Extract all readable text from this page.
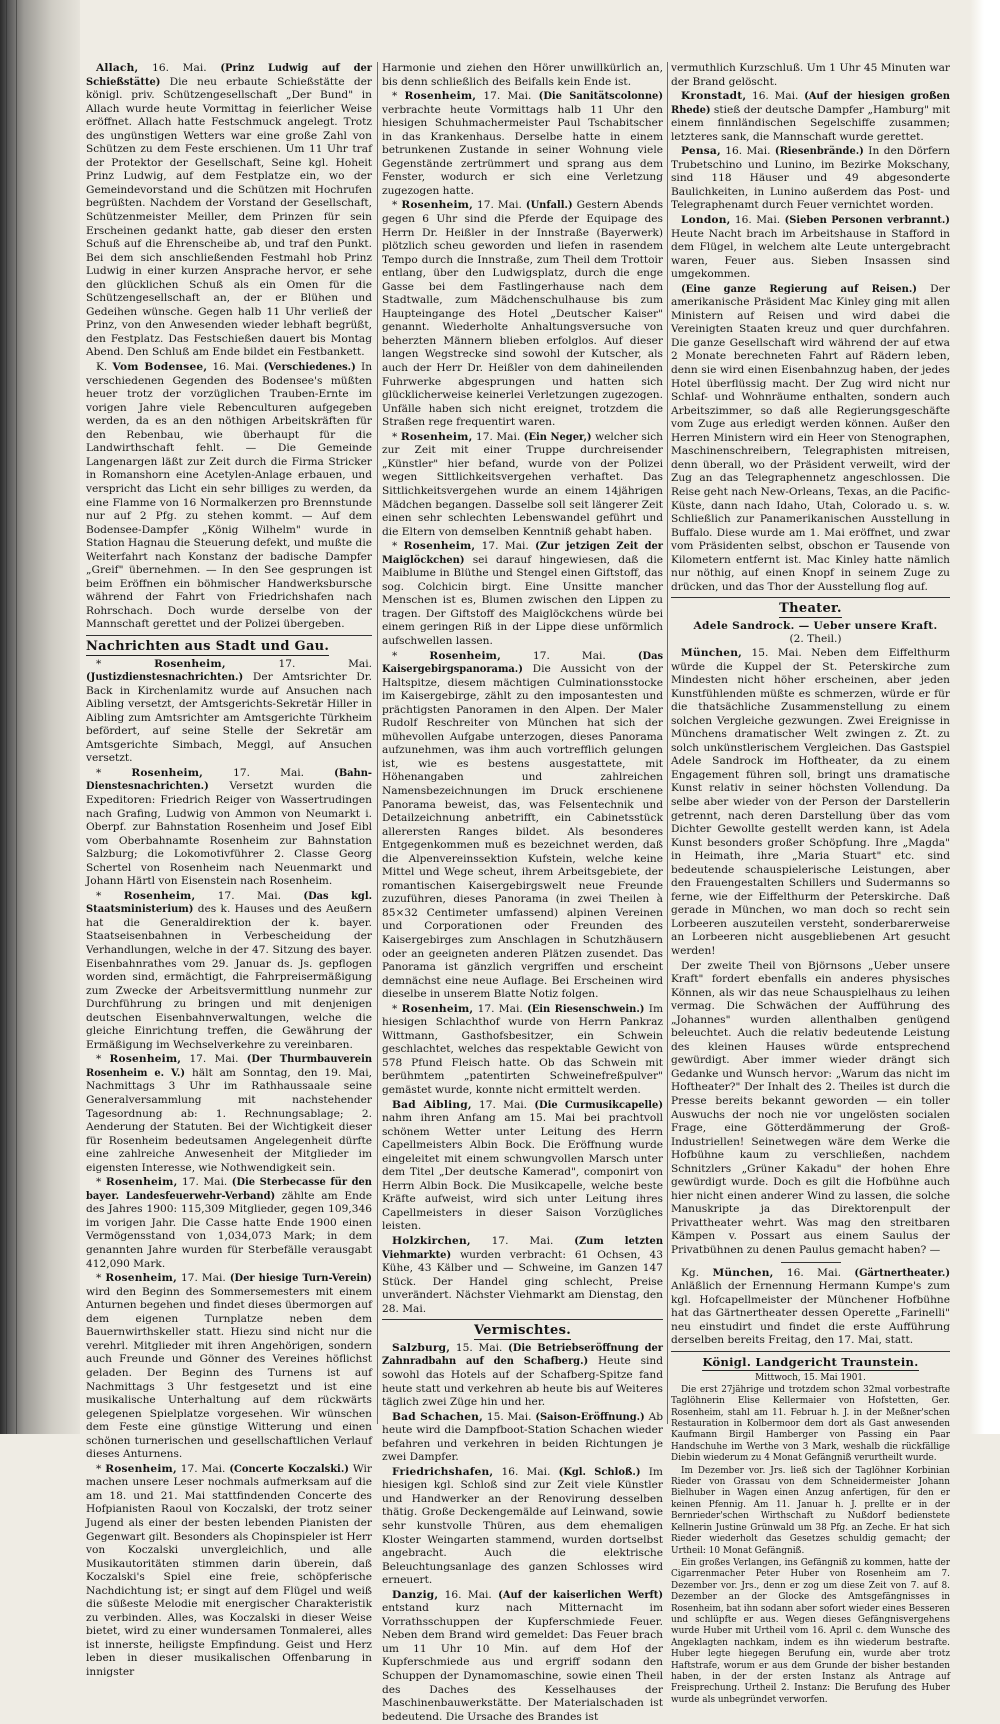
Allach, 16. Mai. (Prinz Ludwig auf der Schießstätte) Die neu erbaute Schießstätte der königl. priv. Schützengesellschaft „Der Bund" in Allach wurde heute Vormittag in feierlicher Weise eröffnet. Allach hatte Festschmuck angelegt. Trotz des ungünstigen Wetters war eine große Zahl von Schützen zu dem Feste erschienen. Um 11 Uhr traf der Protektor der Gesellschaft, Seine kgl. Hoheit Prinz Ludwig, auf dem Festplatze ein, wo der Gemeindevorstand und die Schützen mit Hochrufen begrüßten. Nachdem der Vorstand der Gesellschaft, Schützenmeister Meiller, dem Prinzen für sein Erscheinen gedankt hatte, gab dieser den ersten Schuß auf die Ehrenscheibe ab, und traf den Punkt. Bei dem sich anschließenden Festmahl hob Prinz Ludwig in einer kurzen Ansprache hervor, er sehe den glücklichen Schuß als ein Omen für die Schützengesellschaft an, der er Blühen und Gedeihen wünsche. Gegen halb 11 Uhr verließ der Prinz, von den Anwesenden wieder lebhaft begrüßt, den Festplatz. Das Festschießen dauert bis Montag Abend. Den Schluß am Ende bildet ein Festbankett.

K. Vom Bodensee, 16. Mai. (Verschiedenes.) In verschiedenen Gegenden des Bodensee's müßten heuer trotz der vorzüglichen Trauben-Ernte im vorigen Jahre viele Rebenculturen aufgegeben werden, da es an den nöthigen Arbeitskräften für den Rebenbau, wie überhaupt für die Landwirthschaft fehlt. — Die Gemeinde Langenargen läßt zur Zeit durch die Firma Stricker in Romanshorn eine Acetylen-Anlage erbauen, und verspricht das Licht ein sehr billiges zu werden, da eine Flamme von 16 Normalkerzen pro Brennstunde nur auf 2 Pfg. zu stehen kommt. — Auf dem Bodensee-Dampfer „König Wilhelm" wurde in Station Hagnau die Steuerung defekt, und mußte die Weiterfahrt nach Konstanz der badische Dampfer „Greif" übernehmen. — In den See gesprungen ist beim Eröffnen ein böhmischer Handwerksbursche während der Fahrt von Friedrichshafen nach Rohrschach. Doch wurde derselbe von der Mannschaft gerettet und der Polizei übergeben.

Nachrichten aus Stadt und Gau.

*	Rosenheim,	17. Mai. (Justizdienstesnachrichten.) Der Amtsrichter Dr. Back in Kirchenlamitz wurde auf Ansuchen nach Aibling versetzt, der Amtsgerichts-Sekretär Hiller in Aibling zum Amtsrichter am Amtsgerichte Türkheim befördert, auf seine Stelle der Sekretär am Amtsgerichte Simbach, Meggl, auf Ansuchen versetzt.

*	Rosenheim,	17. Mai.	(Bahn-Dienstesnachrichten.) Versetzt wurden die Expeditoren: Friedrich Reiger von Wassertrudingen nach Grafing, Ludwig von Ammon von Neumarkt i. Oberpf. zur Bahnstation Rosenheim und Josef Eibl vom Oberbahnamte Rosenheim zur Bahnstation Salzburg; die Lokomotivführer 2. Classe Georg Schertel von Rosenheim nach Neuenmarkt und Johann Härtl von Eisenstein nach Rosenheim.

* Rosenheim, 17. Mai. (Das kgl. Staatsministerium) des k. Hauses und des Aeußern hat die Generaldirektion der k. bayer. Staatseisenbahnen in Verbescheidung der Verhandlungen, welche in der 47. Sitzung des bayer. Eisenbahnrathes vom 29. Januar ds. Js. gepflogen worden sind, ermächtigt, die Fahrpreisermäßigung zum Zwecke der Arbeitsvermittlung nunmehr zur Durchführung zu bringen und mit denjenigen deutschen Eisenbahnverwaltungen, welche die gleiche Einrichtung treffen, die Gewährung der Ermäßigung im Wechselverkehre zu vereinbaren.

* Rosenheim, 17. Mai. (Der Thurmbauverein Rosenheim e. V.) hält am Sonntag, den 19. Mai, Nachmittags 3 Uhr im Rathhaussaale seine Generalversammlung mit nachstehender Tagesordnung ab: 1. Rechnungsablage; 2. Aenderung der Statuten. Bei der Wichtigkeit dieser für Rosenheim bedeutsamen Angelegenheit dürfte eine zahlreiche Anwesenheit der Mitglieder im eigensten Interesse, wie Nothwendigkeit sein.

* Rosenheim, 17. Mai. (Die Sterbecasse für den bayer. Landesfeuerwehr-Verband) zählte am Ende des Jahres 1900: 115,309 Mitglieder, gegen 109,346 im vorigen Jahr. Die Casse hatte Ende 1900 einen Vermögensstand von 1,034,073 Mark; in dem genannten Jahre wurden für Sterbefälle verausgabt 412,090 Mark.

* Rosenheim, 17. Mai. (Der hiesige Turn-Verein) wird den Beginn des Sommersemesters mit einem Anturnen begehen und findet dieses übermorgen auf dem eigenen Turnplatze neben dem Bauernwirthskeller statt. Hiezu sind nicht nur die verehrl. Mitglieder mit ihren Angehörigen, sondern auch Freunde und Gönner des Vereines höflichst geladen. Der Beginn des Turnens ist auf Nachmittags 3 Uhr festgesetzt und ist eine musikalische Unterhaltung auf dem rückwärts gelegenen Spielplatze vorgesehen. Wir wünschen dem Feste eine günstige Witterung und einen schönen turnerischen und gesellschaftlichen Verlauf dieses Anturnens.

* Rosenheim, 17. Mai. (Concerte Koczalski.) Wir machen unsere Leser nochmals aufmerksam auf die am 18. und 21. Mai stattfindenden Concerte des Hofpianisten Raoul von Koczalski, der trotz seiner Jugend als einer der besten lebenden Pianisten der Gegenwart gilt. Besonders als Chopinspieler ist Herr von Koczalski unvergleichlich, und alle Musikautoritäten stimmen darin überein, daß Koczalski's Spiel eine freie, schöpferische Nachdichtung ist; er singt auf dem Flügel und weiß die süßeste Melodie mit energischer Charakteristik zu verbinden. Alles, was Koczalski in dieser Weise bietet, wird zu einer wundersamen Tonmalerei, alles ist innerste, heiligste Empfindung. Geist und Herz leben in dieser musikalischen Offenbarung in innigster

Harmonie und ziehen den Hörer unwillkürlich an, bis denn schließlich des Beifalls kein Ende ist.

* Rosenheim, 17. Mai. (Die Sanitätscolonne) verbrachte heute Vormittags halb 11 Uhr den hiesigen Schuhmachermeister Paul Tschabitscher in das Krankenhaus. Derselbe hatte in einem betrunkenen Zustande in seiner Wohnung viele Gegenstände zertrümmert und sprang aus dem Fenster, wodurch er sich eine Verletzung zugezogen hatte.

* Rosenheim, 17. Mai. (Unfall.) Gestern Abends gegen 6 Uhr sind die Pferde der Equipage des Herrn Dr. Heißler in der Innstraße (Bayerwerk) plötzlich scheu geworden und liefen in rasendem Tempo durch die Innstraße, zum Theil dem Trottoir entlang, über den Ludwigsplatz, durch die enge Gasse bei dem Fastlingerhause nach dem Stadtwalle, zum Mädchenschulhause bis zum Haupteingange des Hotel „Deutscher Kaiser" genannt. Wiederholte Anhaltungsversuche von beherzten Männern blieben erfolglos. Auf dieser langen Wegstrecke sind sowohl der Kutscher, als auch der Herr Dr. Heißler von dem dahineilenden Fuhrwerke abgesprungen und hatten sich glücklicherweise keinerlei Verletzungen zugezogen. Unfälle haben sich nicht ereignet, trotzdem die Straßen rege frequentirt waren.

* Rosenheim, 17. Mai. (Ein Neger,) welcher sich zur Zeit mit einer Truppe durchreisender „Künstler" hier befand, wurde von der Polizei wegen Sittlichkeitsvergehen verhaftet. Das Sittlichkeitsvergehen wurde an einem 14jährigen Mädchen begangen. Dasselbe soll seit längerer Zeit einen sehr schlechten Lebenswandel geführt und die Eltern von demselben Kenntniß gehabt haben.

* Rosenheim, 17. Mai. (Zur jetzigen Zeit der Maiglöckchen) sei darauf hingewiesen, daß die Maiblume in Blüthe und Stengel einen Giftstoff, das sog. Colchicin birgt. Eine Unsitte mancher Menschen ist es, Blumen zwischen den Lippen zu tragen. Der Giftstoff des Maiglöckchens würde bei einem geringen Riß in der Lippe diese unförmlich aufschwellen lassen.

*	Rosenheim,	17. Mai.	(Das Kaisergebirgspanorama.) Die Aussicht von der Haltspitze, diesem mächtigen Culminationsstocke im Kaisergebirge, zählt zu den imposantesten und prächtigsten Panoramen in den Alpen. Der Maler Rudolf Reschreiter von München hat sich der mühevollen Aufgabe unterzogen, dieses Panorama aufzunehmen, was ihm auch vortrefflich gelungen ist, wie es bestens ausgestattete, mit Höhenangaben und zahlreichen Namensbezeichnungen im Druck erschienene Panorama beweist, das, was Felsentechnik und Detailzeichnung anbetrifft, ein Cabinetsstück allerersten Ranges bildet. Als besonderes Entgegenkommen muß es bezeichnet werden, daß die Alpenvereinssektion Kufstein, welche keine Mittel und Wege scheut, ihrem Arbeitsgebiete, der romantischen Kaisergebirgswelt neue Freunde zuzuführen, dieses Panorama (in zwei Theilen à 85×32 Centimeter umfassend) alpinen Vereinen und Corporationen oder Freunden des Kaisergebirges zum Anschlagen in Schutzhäusern oder an geeigneten anderen Plätzen zusendet. Das Panorama ist gänzlich vergriffen und erscheint demnächst eine neue Auflage. Bei Erscheinen wird dieselbe in unserem Blatte Notiz folgen.

* Rosenheim, 17. Mai. (Ein Riesenschwein.) Im hiesigen Schlachthof wurde von Herrn Pankraz Wittmann, Gasthofsbesitzer, ein Schwein geschlachtet, welches das respektable Gewicht von 578 Pfund Fleisch hatte. Ob das Schwein mit berühmtem „patentirten Schweinefreßpulver" gemästet wurde, konnte nicht ermittelt werden.

Bad Aibling, 17. Mai. (Die Curmusikcapelle) nahm ihren Anfang am 15. Mai bei prachtvoll schönem Wetter unter Leitung des Herrn Capellmeisters Albin Bock. Die Eröffnung wurde eingeleitet mit einem schwungvollen Marsch unter dem Titel „Der deutsche Kamerad", componirt von Herrn Albin Bock. Die Musikcapelle, welche beste Kräfte aufweist, wird sich unter Leitung ihres Capellmeisters in dieser Saison Vorzügliches leisten.

Holzkirchen, 17. Mai. (Zum letzten Viehmarkte) wurden verbracht: 61 Ochsen, 43 Kühe, 43 Kälber und — Schweine, im Ganzen 147 Stück. Der Handel ging schlecht, Preise unverändert. Nächster Viehmarkt am Dienstag, den 28. Mai.

Vermischtes.

Salzburg, 15. Mai. (Die Betriebseröffnung der Zahnradbahn auf den Schafberg.) Heute sind sowohl das Hotels auf der Schafberg-Spitze fand heute statt und verkehren ab heute bis auf Weiteres täglich zwei Züge hin und her.

Bad Schachen, 15. Mai. (Saison-Eröffnung.) Ab heute wird die Dampfboot-Station Schachen wieder befahren und verkehren in beiden Richtungen je zwei Dampfer.

Friedrichshafen, 16. Mai. (Kgl. Schloß.) Im hiesigen kgl. Schloß sind zur Zeit viele Künstler und Handwerker an der Renovirung desselben thätig. Große Deckengemälde auf Leinwand, sowie sehr kunstvolle Thüren, aus dem ehemaligen Kloster Weingarten stammend, wurden dortselbst angebracht. Auch die elektrische Beleuchtungsanlage des ganzen Schlosses wird erneuert.

Danzig, 16. Mai. (Auf der kaiserlichen Werft) entstand kurz nach Mitternacht im Vorrathsschuppen der Kupferschmiede Feuer. Neben dem Brand wird gemeldet: Das Feuer brach um 11 Uhr 10 Min. auf dem Hof der Kupferschmiede aus und ergriff sodann den Schuppen der Dynamomaschine, sowie einen Theil des Daches des Kesselhauses der Maschinenbauwerkstätte. Der Materialschaden ist bedeutend. Die Ursache des Brandes ist

vermuthlich Kurzschluß. Um 1 Uhr 45 Minuten war der Brand gelöscht.

Kronstadt, 16. Mai. (Auf der hiesigen großen Rhede) stieß der deutsche Dampfer „Hamburg" mit einem finnländischen Segelschiffe zusammen; letzteres sank, die Mannschaft wurde gerettet.

Pensa, 16. Mai. (Riesenbrände.) In den Dörfern Trubetschino und Lunino, im Bezirke Mokschany, sind 118 Häuser und 49 abgesonderte Baulichkeiten, in Lunino außerdem das Post- und Telegraphenamt durch Feuer vernichtet worden.

London, 16. Mai. (Sieben Personen verbrannt.) Heute Nacht brach im Arbeitshause in Stafford in dem Flügel, in welchem alte Leute untergebracht waren, Feuer aus. Sieben Insassen sind umgekommen.

(Eine ganze Regierung auf Reisen.) Der amerikanische Präsident Mac Kinley ging mit allen Ministern auf Reisen und wird dabei die Vereinigten Staaten kreuz und quer durchfahren. Die ganze Gesellschaft wird während der auf etwa 2 Monate berechneten Fahrt auf Rädern leben, denn sie wird einen Eisenbahnzug haben, der jedes Hotel überflüssig macht. Der Zug wird nicht nur Schlaf- und Wohnräume enthalten, sondern auch Arbeitszimmer, so daß alle Regierungsgeschäfte vom Zuge aus erledigt werden können. Außer den Herren Ministern wird ein Heer von Stenographen, Maschinenschreibern, Telegraphisten mitreisen, denn überall, wo der Präsident verweilt, wird der Zug an das Telegraphennetz angeschlossen. Die Reise geht nach New-Orleans, Texas, an die Pacific-Küste, dann nach Idaho, Utah, Colorado u. s. w. Schließlich zur Panamerikanischen Ausstellung in Buffalo. Diese wurde am 1. Mai eröffnet, und zwar vom Präsidenten selbst, obschon er Tausende von Kilometern entfernt ist. Mac Kinley hatte nämlich nur nöthig, auf einen Knopf in seinem Zuge zu drücken, und das Thor der Ausstellung flog auf.

Theater.

Adele Sandrock. — Ueber unsere Kraft.

(2. Theil.)

München, 15. Mai. Neben dem Eiffelthurm würde die Kuppel der St. Peterskirche zum Mindesten nicht höher erscheinen, aber jeden Kunstfühlenden müßte es schmerzen, würde er für die thatsächliche Zusammenstellung zu einem solchen Vergleiche gezwungen. Zwei Ereignisse in Münchens dramatischer Welt zwingen z. Zt. zu solch unkünstlerischem Vergleichen. Das Gastspiel Adele Sandrock im Hoftheater, da zu einem Engagement führen soll, bringt uns dramatische Kunst relativ in seiner höchsten Vollendung. Da selbe aber wieder von der Person der Darstellerin getrennt, nach deren Darstellung über das vom Dichter Gewollte gestellt werden kann, ist Adela Kunst besonders großer Schöpfung. Ihre „Magda" in Heimath, ihre „Maria Stuart" etc. sind bedeutende schauspielerische Leistungen, aber den Frauengestalten Schillers und Sudermanns so ferne, wie der Eiffelthurm der Peterskirche. Daß gerade in München, wo man doch so recht sein Lorbeeren auszuteilen versteht, sonderbarerweise an Lorbeeren nicht ausgebliebenen Art gesucht werden!

Der zweite Theil von Björnsons „Ueber unsere Kraft" fordert ebenfalls ein anderes physisches Können, als wir das neue Schauspielhaus zu leihen vermag. Die Schwächen der Aufführung des „Johannes" wurden allenthalben genügend beleuchtet. Auch die relativ bedeutende Leistung des kleinen Hauses würde entsprechend gewürdigt. Aber immer wieder drängt sich Gedanke und Wunsch hervor: „Warum das nicht im Hoftheater?" Der Inhalt des 2. Theiles ist durch die Presse bereits bekannt geworden — ein toller Auswuchs der noch nie vor ungelösten socialen Frage, eine Götterdämmerung der Groß-Industriellen! Seinetwegen wäre dem Werke die Hofbühne kaum zu verschließen, nachdem Schnitzlers „Grüner Kakadu" der hohen Ehre gewürdigt wurde. Doch es gilt die Hofbühne auch hier nicht einen anderer Wind zu lassen, die solche Manuskripte ja das Direktorenpult der Privattheater wehrt. Was mag den streitbaren Kämpen v. Possart aus einem Saulus der Privatbühnen zu denen Paulus gemacht haben? —

Kg. München, 16. Mai. (Gärtnertheater.) Anläßlich der Ernennung Hermann Kumpe's zum kgl. Hofcapellmeister der Münchener Hofbühne hat das Gärtnertheater dessen Operette „Farinelli" neu einstudirt und findet die erste Aufführung derselben bereits Freitag, den 17. Mai, statt.

Königl. Landgericht Traunstein.
Mittwoch, 15. Mai 1901.

Die erst 27jährige und trotzdem schon 32mal vorbestrafte Taglöhnerin Elise Kellermaier von Hofstetten, Ger. Rosenheim, stahl am 11. Februar h. J. in der Meßner'schen Restauration in Kolbermoor dem dort als Gast anwesenden Kaufmann Birgil Hamberger von Passing ein Paar Handschuhe im Werthe von 3 Mark, weshalb die rückfällige Diebin wiederum zu 4 Monat Gefängniß verurtheilt wurde.

Im Dezember vor. Jrs. ließ sich der Taglöhner Korbinian Rieder von Grassau von dem Schneidermeister Johann Bielhuber in Wagen einen Anzug anfertigen, für den er keinen Pfennig. Am 11. Januar h. J. prellte er in der Bernrieder'schen Wirthschaft zu Nußdorf bedienstete Kellnerin Justine Grünwald um 38 Pfg. an Zeche. Er hat sich Rieder wiederholt das Gesetzes schuldig gemacht; der Urtheil: 10 Monat Gefängniß.

Ein großes Verlangen, ins Gefängniß zu kommen, hatte der Cigarrenmacher Peter Huber von Rosenheim am 7. Dezember vor. Jrs., denn er zog um diese Zeit von 7. auf 8. Dezember an der Glocke des Amtsgefängnisses in Rosenheim, bat ihn sodann aber sofort wieder eines Besseren und schlüpfte er aus. Wegen dieses Gefängnisvergehens wurde Huber mit Urtheil vom 16. April c. dem Wunsche des Angeklagten nachkam, indem es ihn wiederum bestrafte. Huber legte hiegegen Berufung ein, wurde aber trotz Haftstrafe, worum er aus dem Grunde der bisher bestanden haben, in der der ersten Instanz als Antrage auf Freisprechung. Urtheil 2. Instanz: Die Berufung des Huber wurde als unbegründet verworfen.
